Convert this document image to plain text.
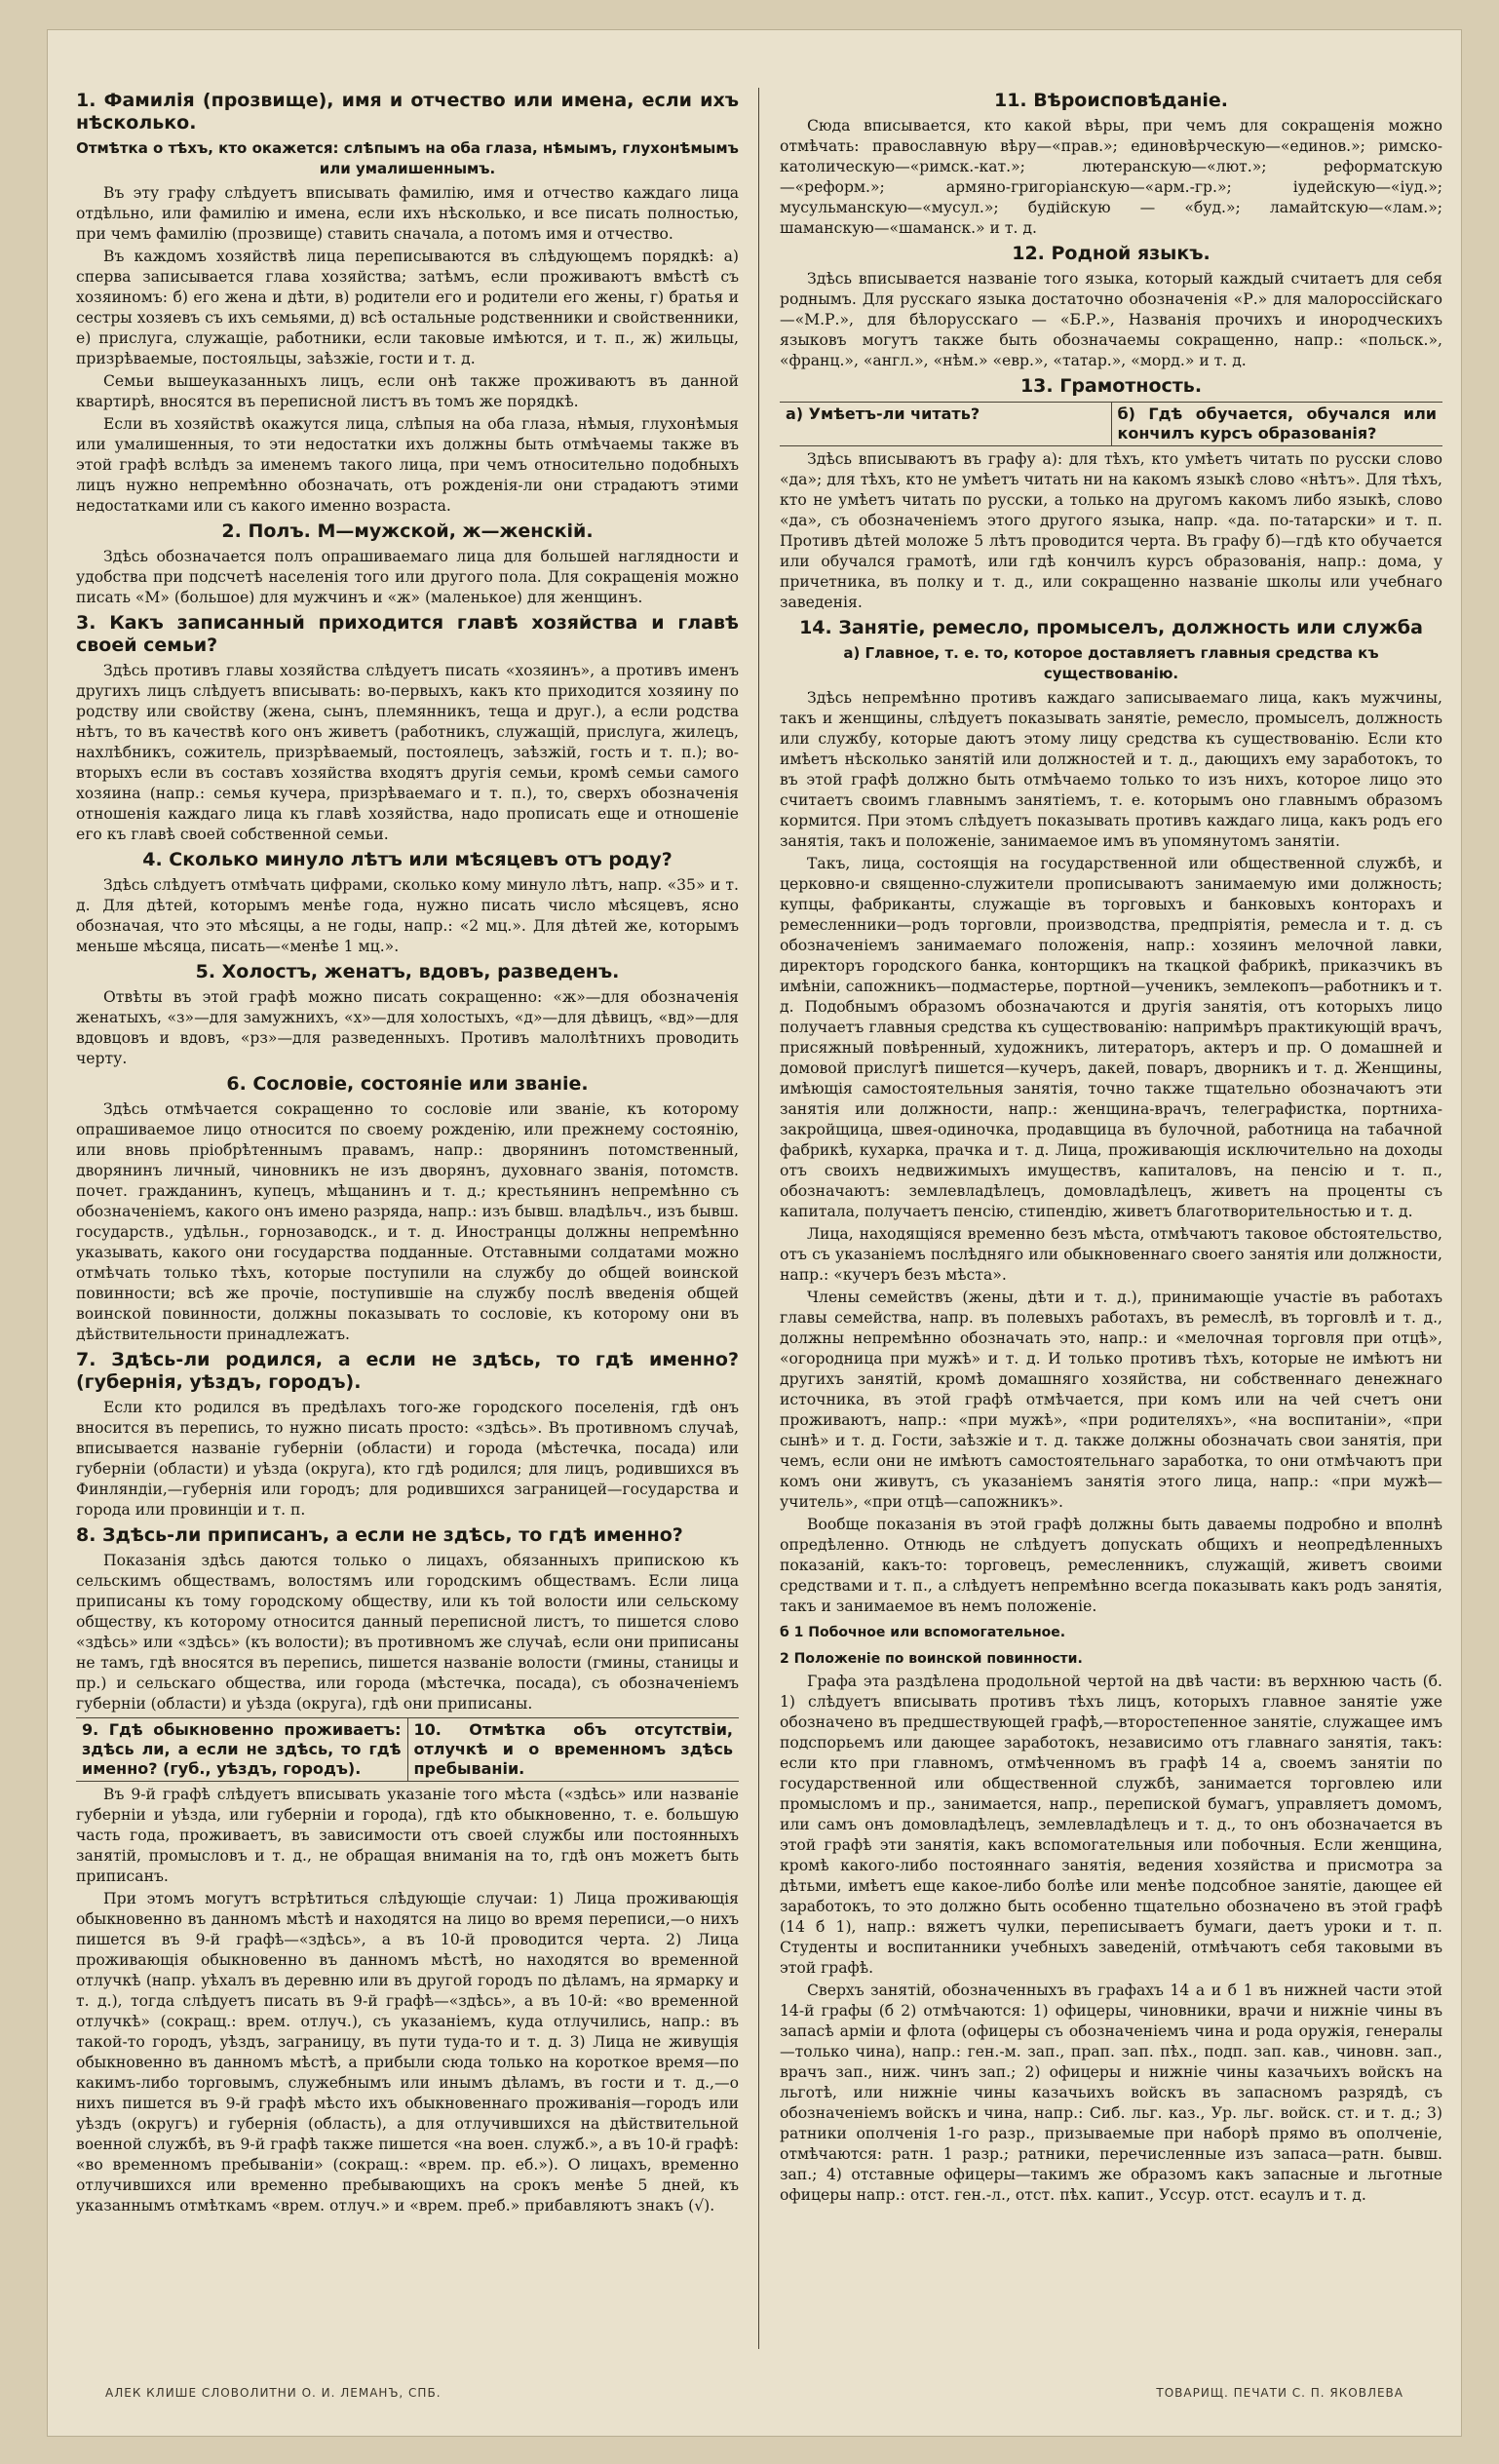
1. Фамилія (прозвище), имя и отчество или имена, если ихъ нѣсколько.
Отмѣтка о тѣхъ, кто окажется: слѣпымъ на оба глаза, нѣмымъ, глухонѣмымъ или умалишеннымъ.

Въ эту графу слѣдуетъ вписывать фамилію, имя и отчество каждаго лица отдѣльно, или фамилію и имена, если ихъ нѣсколько, и все писать полностью, при чемъ фамилію (прозвище) ставить сначала, а потомъ имя и отчество.

Въ каждомъ хозяйствѣ лица переписываются въ слѣдующемъ порядкѣ: а) сперва записывается глава хозяйства; затѣмъ, если проживаютъ вмѣстѣ съ хозяиномъ: б) его жена и дѣти, в) родители его и родители его жены, г) братья и сестры хозяевъ съ ихъ семьями, д) всѣ остальные родственники и свойственники, е) прислуга, служащіе, работники, если таковые имѣются, и т. п., ж) жильцы, призрѣваемые, постояльцы, заѣзжіе, гости и т. д.

Семьи вышеуказанныхъ лицъ, если онѣ также проживаютъ въ данной квартирѣ, вносятся въ переписной листъ въ томъ же порядкѣ.

Если въ хозяйствѣ окажутся лица, слѣпыя на оба глаза, нѣмыя, глухонѣмыя или умалишенныя, то эти недостатки ихъ должны быть отмѣчаемы также въ этой графѣ вслѣдъ за именемъ такого лица, при чемъ относительно подобныхъ лицъ нужно непремѣнно обозначать, отъ рожденія-ли они страдаютъ этими недостатками или съ какого именно возраста.

2. Полъ. М—мужской, ж—женскій.

Здѣсь обозначается полъ опрашиваемаго лица для большей наглядности и удобства при подсчетѣ населенія того или другого пола. Для сокращенія можно писать «М» (большое) для мужчинъ и «ж» (маленькое) для женщинъ.

3. Какъ записанный приходится главѣ хозяйства и главѣ своей семьи?

Здѣсь противъ главы хозяйства слѣдуетъ писать «хозяинъ», а противъ именъ другихъ лицъ слѣдуетъ вписывать: во-первыхъ, какъ кто приходится хозяину по родству или свойству (жена, сынъ, племянникъ, теща и друг.), а если родства нѣтъ, то въ качествѣ кого онъ живетъ (работникъ, служащій, прислуга, жилецъ, нахлѣбникъ, сожитель, призрѣваемый, постоялецъ, заѣзжій, гость и т. п.); во-вторыхъ если въ составъ хозяйства входятъ другія семьи, кромѣ семьи самого хозяина (напр.: семья кучера, призрѣваемаго и т. п.), то, сверхъ обозначенія отношенія каждаго лица къ главѣ хозяйства, надо прописать еще и отношеніе его къ главѣ своей собственной семьи.

4. Сколько минуло лѣтъ или мѣсяцевъ отъ роду?

Здѣсь слѣдуетъ отмѣчать цифрами, сколько кому минуло лѣтъ, напр. «35» и т. д. Для дѣтей, которымъ менѣе года, нужно писать число мѣсяцевъ, ясно обозначая, что это мѣсяцы, а не годы, напр.: «2 мц.». Для дѣтей же, которымъ меньше мѣсяца, писать—«менѣе 1 мц.».

5. Холостъ, женатъ, вдовъ, разведенъ.

Отвѣты въ этой графѣ можно писать сокращенно: «ж»—для обозначенія женатыхъ, «з»—для замужнихъ, «х»—для холостыхъ, «д»—для дѣвицъ, «вд»—для вдовцовъ и вдовъ, «рз»—для разведенныхъ. Противъ малолѣтнихъ проводить черту.

6. Сословіе, состояніе или званіе.

Здѣсь отмѣчается сокращенно то сословіе или званіе, къ которому опрашиваемое лицо относится по своему рожденію, или прежнему состоянію, или вновь пріобрѣтеннымъ правамъ, напр.: дворянинъ потомственный, дворянинъ личный, чиновникъ не изъ дворянъ, духовнаго званія, потомств. почет. гражданинъ, купецъ, мѣщанинъ и т. д.; крестьянинъ непремѣнно съ обозначеніемъ, какого онъ имено разряда, напр.: изъ бывш. владѣльч., изъ бывш. государств., удѣльн., горнозаводск., и т. д. Иностранцы должны непремѣнно указывать, какого они государства подданные. Отставными солдатами можно отмѣчать только тѣхъ, которые поступили на службу до общей воинской повинности; всѣ же прочіе, поступившіе на службу послѣ введенія общей воинской повинности, должны показывать то сословіе, къ которому они въ дѣйствительности принадлежатъ.

7. Здѣсь-ли родился, а если не здѣсь, то гдѣ именно? (губернія, уѣздъ, городъ).

Если кто родился въ предѣлахъ того-же городского поселенія, гдѣ онъ вносится въ перепись, то нужно писать просто: «здѣсь». Въ противномъ случаѣ, вписывается названіе губерніи (области) и города (мѣстечка, посада) или губерніи (области) и уѣзда (округа), кто гдѣ родился; для лицъ, родившихся въ Финляндіи,—губернія или городъ; для родившихся заграницей—государства и города или провинціи и т. п.

8. Здѣсь-ли приписанъ, а если не здѣсь, то гдѣ именно?

Показанія здѣсь даются только о лицахъ, обязанныхъ припискою къ сельскимъ обществамъ, волостямъ или городскимъ обществамъ. Если лица приписаны къ тому городскому обществу, или къ той волости или сельскому обществу, къ которому относится данный переписной листъ, то пишется слово «здѣсь» или «здѣсь» (къ волости); въ противномъ же случаѣ, если они приписаны не тамъ, гдѣ вносятся въ перепись, пишется названіе волости (гмины, станицы и пр.) и сельскаго общества, или города (мѣстечка, посада), съ обозначеніемъ губерніи (области) и уѣзда (округа), гдѣ они приписаны.

9. Гдѣ обыкновенно проживаетъ: здѣсь ли, а если не здѣсь, то гдѣ именно? (губ., уѣздъ, городъ).
10. Отмѣтка объ отсутствіи, отлучкѣ и о временномъ здѣсь пребываніи.

Въ 9-й графѣ слѣдуетъ вписывать указаніе того мѣста («здѣсь» или названіе губерніи и уѣзда, или губерніи и города), гдѣ кто обыкновенно, т. е. большую часть года, проживаетъ, въ зависимости отъ своей службы или постоянныхъ занятій, промысловъ и т. д., не обращая вниманія на то, гдѣ онъ можетъ быть приписанъ.

При этомъ могутъ встрѣтиться слѣдующіе случаи: 1) Лица проживающія обыкновенно въ данномъ мѣстѣ и находятся на лицо во время переписи,—о нихъ пишется въ 9-й графѣ—«здѣсь», а въ 10-й проводится черта. 2) Лица проживающія обыкновенно въ данномъ мѣстѣ, но находятся во временной отлучкѣ (напр. уѣхалъ въ деревню или въ другой городъ по дѣламъ, на ярмарку и т. д.), тогда слѣдуетъ писать въ 9-й графѣ—«здѣсь», а въ 10-й: «во временной отлучкѣ» (сокращ.: врем. отлуч.), съ указаніемъ, куда отлучились, напр.: въ такой-то городъ, уѣздъ, заграницу, въ пути туда-то и т. д. 3) Лица не живущія обыкновенно въ данномъ мѣстѣ, а прибыли сюда только на короткое время—по какимъ-либо торговымъ, служебнымъ или инымъ дѣламъ, въ гости и т. д.,—о нихъ пишется въ 9-й графѣ мѣсто ихъ обыкновеннаго проживанія—городъ или уѣздъ (округъ) и губернія (область), а для отлучившихся на дѣйствительной военной службѣ, въ 9-й графѣ также пишется «на воен. служб.», а въ 10-й графѣ: «во временномъ пребываніи» (сокращ.: «врем. пр. еб.»). О лицахъ, временно отлучившихся или временно пребывающихъ на срокъ менѣе 5 дней, къ указаннымъ отмѣткамъ «врем. отлуч.» и «врем. преб.» прибавляютъ знакъ (√).

11. Вѣроисповѣданіе.

Сюда вписывается, кто какой вѣры, при чемъ для сокращенія можно отмѣчать: православную вѣру—«прав.»; единовѣрческую—«единов.»; римско-католическую—«римск.-кат.»; лютеранскую—«лют.»; реформатскую—«реформ.»; армяно-григоріанскую—«арм.-гр.»; іудейскую—«іуд.»; мусульманскую—«мусул.»; будійскую — «буд.»; ламайтскую—«лам.»; шаманскую—«шаманск.» и т. д.

12. Родной языкъ.

Здѣсь вписывается названіе того языка, который каждый считаетъ для себя роднымъ. Для русскаго языка достаточно обозначенія «Р.» для малороссійскаго—«М.Р.», для бѣлорусскаго — «Б.Р.», Названія прочихъ и инородческихъ языковъ могутъ также быть обозначаемы сокращенно, напр.: «польск.», «франц.», «англ.», «нѣм.» «евр.», «татар.», «морд.» и т. д.

13. Грамотность.
а) Умѣетъ-ли читать?	б) Гдѣ обучается, обучался или кончилъ курсъ образованія?

Здѣсь вписываютъ въ графу а): для тѣхъ, кто умѣетъ читать по русски слово «да»; для тѣхъ, кто не умѣетъ читать ни на какомъ языкѣ слово «нѣтъ». Для тѣхъ, кто не умѣетъ читать по русски, а только на другомъ какомъ либо языкѣ, слово «да», съ обозначеніемъ этого другого языка, напр. «да. по-татарски» и т. п. Противъ дѣтей моложе 5 лѣтъ проводится черта. Въ графу б)—гдѣ кто обучается или обучался грамотѣ, или гдѣ кончилъ курсъ образованія, напр.: дома, у причетника, въ полку и т. д., или сокращенно названіе школы или учебнаго заведенія.

14. Занятіе, ремесло, промыселъ, должность или служба
а) Главное, т. е. то, которое доставляетъ главныя средства къ существованію.

Здѣсь непремѣнно противъ каждаго записываемаго лица, какъ мужчины, такъ и женщины, слѣдуетъ показывать занятіе, ремесло, промыселъ, должность или службу, которые даютъ этому лицу средства къ существованію. Если кто имѣетъ нѣсколько занятій или должностей и т. д., дающихъ ему заработокъ, то въ этой графѣ должно быть отмѣчаемо только то изъ нихъ, которое лицо это считаетъ своимъ главнымъ занятіемъ, т. е. которымъ оно главнымъ образомъ кормится. При этомъ слѣдуетъ показывать противъ каждаго лица, какъ родъ его занятія, такъ и положеніе, занимаемое имъ въ упомянутомъ занятіи.

Такъ, лица, состоящія на государственной или общественной службѣ, и церковно-и священно-служители прописываютъ занимаемую ими должность; купцы, фабриканты, служащіе въ торговыхъ и банковыхъ конторахъ и ремесленники—родъ торговли, производства, предпріятія, ремесла и т. д. съ обозначеніемъ занимаемаго положенія, напр.: хозяинъ мелочной лавки, директоръ городского банка, конторщикъ на ткацкой фабрикѣ, приказчикъ въ имѣніи, сапожникъ—подмастерье, портной—ученикъ, землекопъ—работникъ и т. д. Подобнымъ образомъ обозначаются и другія занятія, отъ которыхъ лицо получаетъ главныя средства къ существованію: напримѣръ практикующій врачъ, присяжный повѣренный, художникъ, литераторъ, актеръ и пр. О домашней и домовой прислугѣ пишется—кучеръ, дакей, поваръ, дворникъ и т. д. Женщины, имѣющія самостоятельныя занятія, точно также тщательно обозначаютъ эти занятія или должности, напр.: женщина-врачъ, телеграфистка, портниха-закройщица, швея-одиночка, продавщица въ булочной, работница на табачной фабрикѣ, кухарка, прачка и т. д. Лица, проживающія исключительно на доходы отъ своихъ недвижимыхъ имуществъ, капиталовъ, на пенсію и т. п., обозначаютъ: землевладѣлецъ, домовладѣлецъ, живетъ на проценты съ капитала, получаетъ пенсію, стипендію, живетъ благотворительностью и т. д.

Лица, находящіяся временно безъ мѣста, отмѣчаютъ таковое обстоятельство, отъ съ указаніемъ послѣдняго или обыкновеннаго своего занятія или должности, напр.: «кучеръ безъ мѣста».

Члены семействъ (жены, дѣти и т. д.), принимающіе участіе въ работахъ главы семейства, напр. въ полевыхъ работахъ, въ ремеслѣ, въ торговлѣ и т. д., должны непремѣнно обозначать это, напр.: и «мелочная торговля при отцѣ», «огородница при мужѣ» и т. д. И только противъ тѣхъ, которые не имѣютъ ни другихъ занятій, кромѣ домашняго хозяйства, ни собственнаго денежнаго источника, въ этой графѣ отмѣчается, при комъ или на чей счетъ они проживаютъ, напр.: «при мужѣ», «при родителяхъ», «на воспитаніи», «при сынѣ» и т. д. Гости, заѣзжіе и т. д. также должны обозначать свои занятія, при чемъ, если они не имѣютъ самостоятельнаго заработка, то они отмѣчаютъ при комъ они живутъ, съ указаніемъ занятія этого лица, напр.: «при мужѣ—учитель», «при отцѣ—сапожникъ».

Вообще показанія въ этой графѣ должны быть даваемы подробно и вполнѣ опредѣленно. Отнюдь не слѣдуетъ допускать общихъ и неопредѣленныхъ показаній, какъ-то: торговецъ, ремесленникъ, служащій, живетъ своими средствами и т. п., а слѣдуетъ непремѣнно всегда показывать какъ родъ занятія, такъ и занимаемое въ немъ положеніе.

б 1 Побочное или вспомогательное.
2 Положеніе по воинской повинности.

Графа эта раздѣлена продольной чертой на двѣ части: въ верхнюю часть (б. 1) слѣдуетъ вписывать противъ тѣхъ лицъ, которыхъ главное занятіе уже обозначено въ предшествующей графѣ,—второстепенное занятіе, служащее имъ подспорьемъ или дающее заработокъ, независимо отъ главнаго занятія, такъ: если кто при главномъ, отмѣченномъ въ графѣ 14 а, своемъ занятіи по государственной или общественной службѣ, занимается торговлею или промысломъ и пр., занимается, напр., перепиской бумагъ, управляетъ домомъ, или самъ онъ домовладѣлецъ, землевладѣлецъ и т. д., то онъ обозначается въ этой графѣ эти занятія, какъ вспомогательныя или побочныя. Если женщина, кромѣ какого-либо постояннаго занятія, ведения хозяйства и присмотра за дѣтьми, имѣетъ еще какое-либо болѣе или менѣе подсобное занятіе, дающее ей заработокъ, то это должно быть особенно тщательно обозначено въ этой графѣ (14 б 1), напр.: вяжетъ чулки, переписываетъ бумаги, даетъ уроки и т. п. Студенты и воспитанники учебныхъ заведеній, отмѣчаютъ себя таковыми въ этой графѣ.

Сверхъ занятій, обозначенныхъ въ графахъ 14 а и б 1 въ нижней части этой 14-й графы (б 2) отмѣчаются: 1) офицеры, чиновники, врачи и нижніе чины въ запасѣ арміи и флота (офицеры съ обозначеніемъ чина и рода оружія, генералы—только чина), напр.: ген.-м. зап., прап. зап. пѣх., подп. зап. кав., чиновн. зап., врачъ зап., ниж. чинъ зап.; 2) офицеры и нижніе чины казачьихъ войскъ на льготѣ, или нижніе чины казачьихъ войскъ въ запасномъ разрядѣ, съ обозначеніемъ войскъ и чина, напр.: Сиб. льг. каз., Ур. льг. войск. ст. и т. д.; 3) ратники ополченія 1-го разр., призываемые при наборѣ прямо въ ополченіе, отмѣчаются: ратн. 1 разр.; ратники, перечисленные изъ запаса—ратн. бывш. зап.; 4) отставные офицеры—такимъ же образомъ какъ запасные и льготные офицеры напр.: отст. ген.-л., отст. пѣх. капит., Уссур. отст. есаулъ и т. д.

АЛЕК КЛИШЕ СЛОВОЛИТНИ О. И. ЛЕМАНЪ, СПБ.	ТОВАРИЩ. ПЕЧАТИ С. П. ЯКОВЛЕВА
